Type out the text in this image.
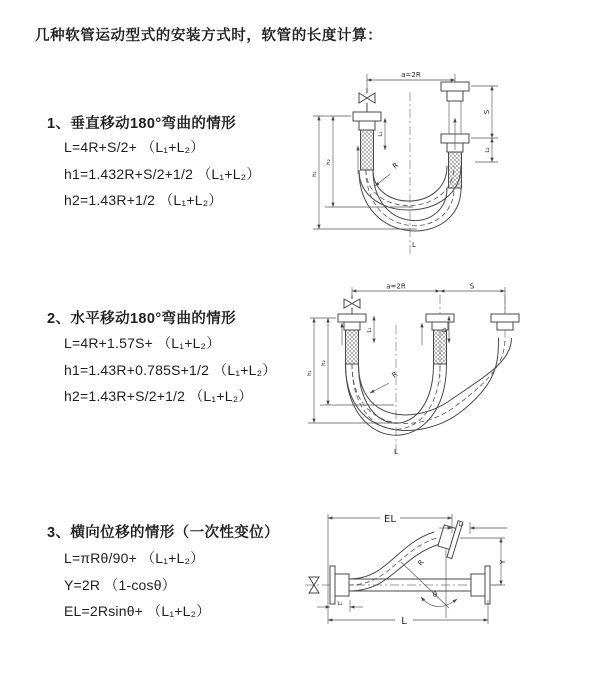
几种软管运动型式的安装方式时，软管的长度计算：
1、垂直移动180°弯曲的情形
L=4R+S/2+ （L₁+L₂）
h1=1.432R+S/2+1/2 （L₁+L₂）
h2=1.43R+1/2 （L₁+L₂）
2、水平移动180°弯曲的情形
L=4R+1.57S+ （L₁+L₂）
h1=1.43R+0.785S+1/2 （L₁+L₂）
h2=1.43R+S/2+1/2 （L₁+L₂）
3、横向位移的情形（一次性变位）
L=πRθ/90+ （L₁+L₂）
Y=2R （1-cosθ）
EL=2Rsinθ+ （L₁+L₂）
a=2R
L₁
S
L₂
h₂
h₁
R
L
a=2R	S
L₁	L₂
h₂
h₁	R
L
EL	L₂
Y
R
θ
L
L₁
